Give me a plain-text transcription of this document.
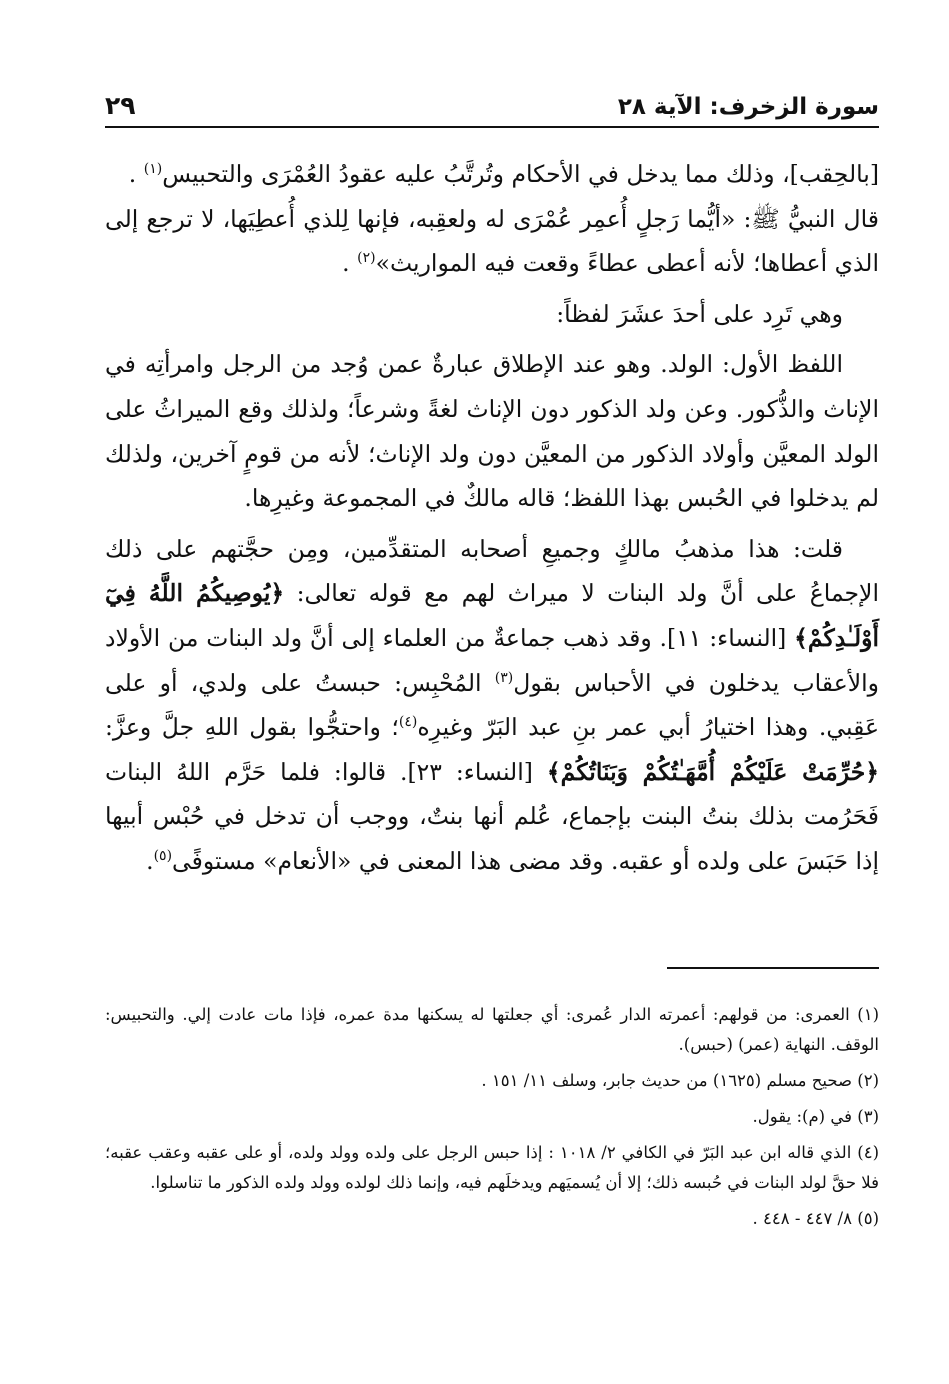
سورة الزخرف: الآية ٢٨
٢٩

[بالحِقب]، وذلك مما يدخل في الأحكام وتُرتَّبُ عليه عقودُ العُمْرَى والتحبيس$^{(١)}$ .

قال النبيُّ ﷺ: «أيُّما رَجلٍ أُعمِر عُمْرَى له ولعقِبه، فإنها لِلذي أُعطِيَها، لا ترجع إلى الذي أعطاها؛ لأنه أعطى عطاءً وقعت فيه المواريث»$^{(٢)}$ .

وهي تَرِد على أحدَ عشَرَ لفظاً:

اللفظ الأول: الولد. وهو عند الإطلاق عبارةٌ عمن وُجد من الرجل وامرأتِه في الإناث والذُّكور. وعن ولد الذكور دون الإناث لغةً وشرعاً؛ ولذلك وقع الميراثُ على الولد المعيَّن وأولاد الذكور من المعيَّن دون ولد الإناث؛ لأنه من قومٍ آخرين، ولذلك لم يدخلوا في الحُبس بهذا اللفظ؛ قاله مالكٌ في المجموعة وغيرِها.

قلت: هذا مذهبُ مالكٍ وجميعِ أصحابه المتقدِّمين، ومِن حجَّتهم على ذلك الإجماعُ على أنَّ ولد البنات لا ميراث لهم مع قوله تعالى: ﴿يُوصِيكُمُ اللَّهُ فِيٓ أَوْلَـٰدِكُمْ﴾ [النساء: ١١]. وقد ذهب جماعةٌ من العلماء إلى أنَّ ولد البنات من الأولاد والأعقاب يدخلون في الأحباس بقول$^{(٣)}$ المُحْبِس: حبستُ على ولدي، أو على عَقِبي. وهذا اختيارُ أبي عمر بنِ عبد البَرّ وغيرِه$^{(٤)}$؛ واحتجُّوا بقول اللهِ جلَّ وعزَّ: ﴿حُرِّمَتْ عَلَيْكُمْ أُمَّهَـٰتُكُمْ وَبَنَاتُكُمْ﴾ [النساء: ٢٣]. قالوا: فلما حَرَّم اللهُ البنات فَحَرُمت بذلك بنتُ البنت بإجماع، عُلم أنها بنتٌ، ووجب أن تدخل في حُبْس أبيها إذا حَبَسَ على ولده أو عقبه. وقد مضى هذا المعنى في «الأنعام» مستوفًى$^{(٥)}$.

(١) العمرى: من قولهم: أعمرته الدار عُمرى: أي جعلتها له يسكنها مدة عمره، فإذا مات عادت إلي. والتحبيس: الوقف. النهاية (عمر) (حبس).

(٢) صحيح مسلم (١٦٢٥) من حديث جابر، وسلف ١١/ ١٥١ .

(٣) في (م): يقول.

(٤) الذي قاله ابن عبد البَرّ في الكافي ٢/ ١٠١٨ : إذا حبس الرجل على ولده وولد ولده، أو على عقبه وعقب عقبه؛ فلا حقَّ لولد البنات في حُبسه ذلك؛ إلا أن يُسميَهم ويدخلَهم فيه، وإنما ذلك لولده وولد ولده الذكور ما تناسلوا.

(٥) ٨/ ٤٤٧ - ٤٤٨ .
